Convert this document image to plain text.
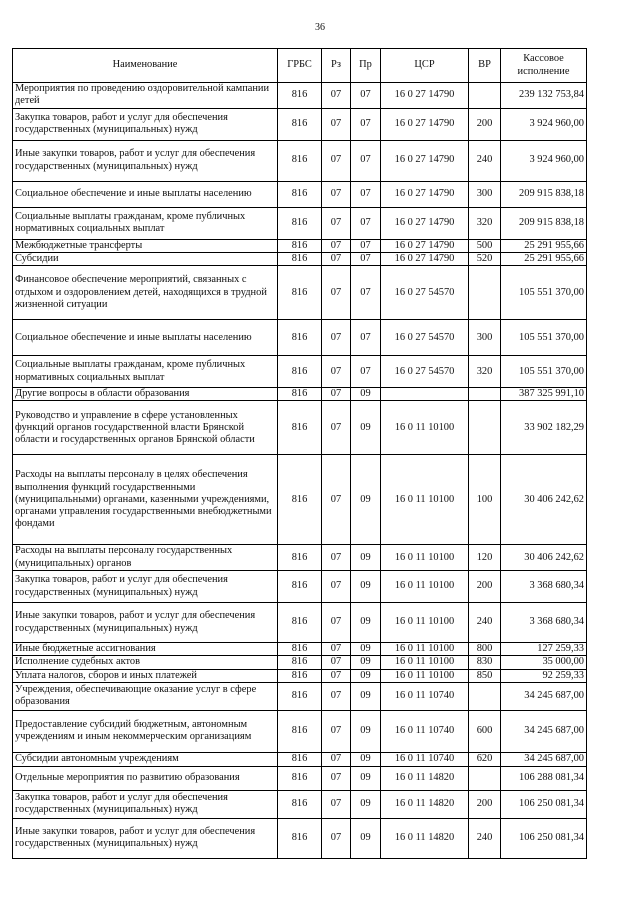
36
Наименование	ГРБС	Рз	Пр	ЦСР	ВР	Кассовое исполнение
Мероприятия по проведению оздоровительной кампании детей	816	07	07	16 0 27 14790		239 132 753,84
Закупка товаров, работ и услуг для обеспечения государственных (муниципальных) нужд	816	07	07	16 0 27 14790	200	3 924 960,00
Иные закупки товаров, работ и услуг для обеспечения государственных (муниципальных) нужд	816	07	07	16 0 27 14790	240	3 924 960,00
Социальное обеспечение и иные выплаты населению	816	07	07	16 0 27 14790	300	209 915 838,18
Социальные выплаты гражданам, кроме публичных нормативных социальных выплат	816	07	07	16 0 27 14790	320	209 915 838,18
Межбюджетные трансферты	816	07	07	16 0 27 14790	500	25 291 955,66
Субсидии	816	07	07	16 0 27 14790	520	25 291 955,66
Финансовое обеспечение мероприятий, связанных с отдыхом и оздоровлением детей, находящихся в трудной жизненной ситуации	816	07	07	16 0 27 54570		105 551 370,00
Социальное обеспечение и иные выплаты населению	816	07	07	16 0 27 54570	300	105 551 370,00
Социальные выплаты гражданам, кроме публичных нормативных социальных выплат	816	07	07	16 0 27 54570	320	105 551 370,00
Другие вопросы в области образования	816	07	09			387 325 991,10
Руководство и управление в сфере установленных функций органов государственной власти Брянской области и государственных органов Брянской области	816	07	09	16 0 11 10100		33 902 182,29
Расходы на выплаты персоналу в целях обеспечения выполнения функций государственными (муниципальными) органами, казенными учреждениями, органами управления государственными внебюджетными фондами	816	07	09	16 0 11 10100	100	30 406 242,62
Расходы на выплаты персоналу государственных (муниципальных) органов	816	07	09	16 0 11 10100	120	30 406 242,62
Закупка товаров, работ и услуг для обеспечения государственных (муниципальных) нужд	816	07	09	16 0 11 10100	200	3 368 680,34
Иные закупки товаров, работ и услуг для обеспечения государственных (муниципальных) нужд	816	07	09	16 0 11 10100	240	3 368 680,34
Иные бюджетные ассигнования	816	07	09	16 0 11 10100	800	127 259,33
Исполнение судебных актов	816	07	09	16 0 11 10100	830	35 000,00
Уплата налогов, сборов и иных платежей	816	07	09	16 0 11 10100	850	92 259,33
Учреждения, обеспечивающие оказание услуг в сфере образования	816	07	09	16 0 11 10740		34 245 687,00
Предоставление субсидий бюджетным, автономным учреждениям и иным некоммерческим организациям	816	07	09	16 0 11 10740	600	34 245 687,00
Субсидии автономным учреждениям	816	07	09	16 0 11 10740	620	34 245 687,00
Отдельные мероприятия по развитию образования	816	07	09	16 0 11 14820		106 288 081,34
Закупка товаров, работ и услуг для обеспечения государственных (муниципальных) нужд	816	07	09	16 0 11 14820	200	106 250 081,34
Иные закупки товаров, работ и услуг для обеспечения государственных (муниципальных) нужд	816	07	09	16 0 11 14820	240	106 250 081,34
